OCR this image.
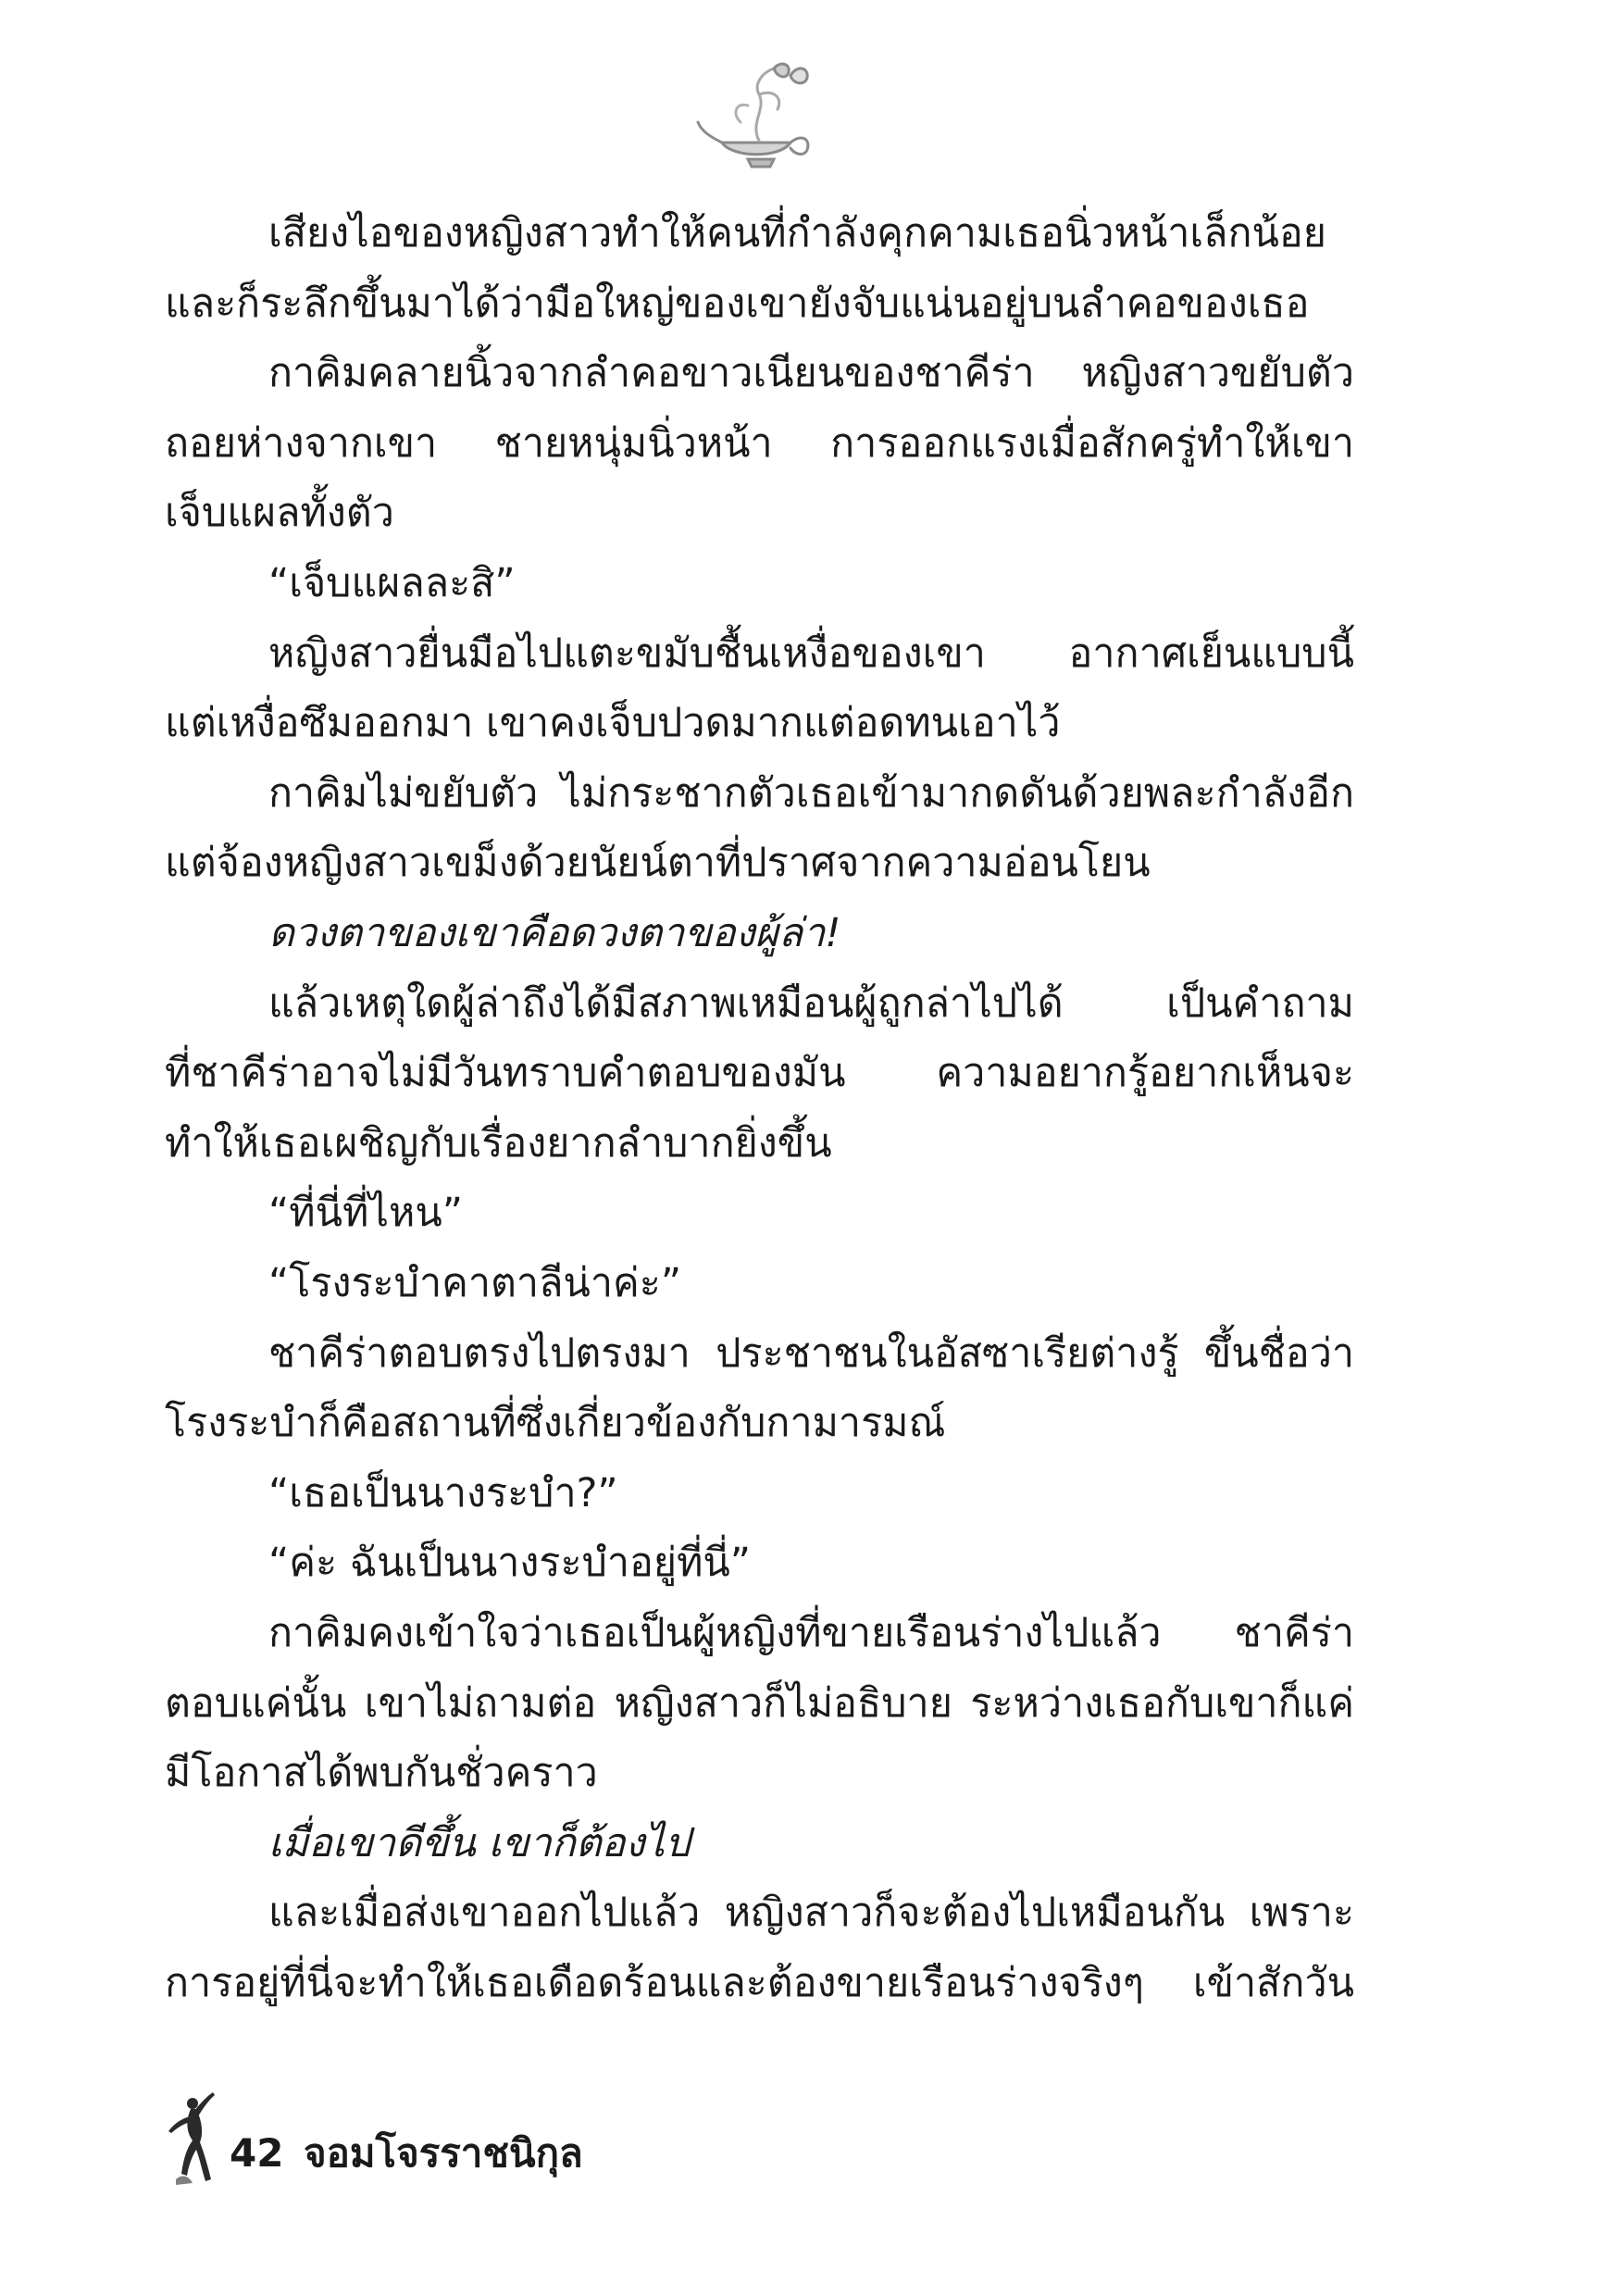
เสียงไอของหญิงสาวทำให้คนที่กำลังคุกคามเธอนิ่วหน้าเล็กน้อย
และก็ระลึกขึ้นมาได้ว่ามือใหญ่ของเขายังจับแน่นอยู่บนลำคอของเธอ
กาคิมคลายนิ้วจากลำคอขาวเนียนของชาคีร่า หญิงสาวขยับตัว
ถอยห่างจากเขา ชายหนุ่มนิ่วหน้า การออกแรงเมื่อสักครู่ทำให้เขา
เจ็บแผลทั้งตัว
“เจ็บแผลละสิ”
หญิงสาวยื่นมือไปแตะขมับชื้นเหงื่อของเขา อากาศเย็นแบบนี้
แต่เหงื่อซึมออกมา เขาคงเจ็บปวดมากแต่อดทนเอาไว้
กาคิมไม่ขยับตัว ไม่กระชากตัวเธอเข้ามากดดันด้วยพละกำลังอีก
แต่จ้องหญิงสาวเขม็งด้วยนัยน์ตาที่ปราศจากความอ่อนโยน
ดวงตาของเขาคือดวงตาของผู้ล่า!
แล้วเหตุใดผู้ล่าถึงได้มีสภาพเหมือนผู้ถูกล่าไปได้ เป็นคำถาม
ที่ชาคีร่าอาจไม่มีวันทราบคำตอบของมัน ความอยากรู้อยากเห็นจะ
ทำให้เธอเผชิญกับเรื่องยากลำบากยิ่งขึ้น
“ที่นี่ที่ไหน”
“โรงระบำคาตาลีน่าค่ะ”
ชาคีร่าตอบตรงไปตรงมา ประชาชนในอัสซาเรียต่างรู้ ขึ้นชื่อว่า
โรงระบำก็คือสถานที่ซึ่งเกี่ยวข้องกับกามารมณ์
“เธอเป็นนางระบำ?”
“ค่ะ ฉันเป็นนางระบำอยู่ที่นี่”
กาคิมคงเข้าใจว่าเธอเป็นผู้หญิงที่ขายเรือนร่างไปแล้ว ชาคีร่า
ตอบแค่นั้น เขาไม่ถามต่อ หญิงสาวก็ไม่อธิบาย ระหว่างเธอกับเขาก็แค่
มีโอกาสได้พบกันชั่วคราว
เมื่อเขาดีขึ้น เขาก็ต้องไป
และเมื่อส่งเขาออกไปแล้ว หญิงสาวก็จะต้องไปเหมือนกัน เพราะ
การอยู่ที่นี่จะทำให้เธอเดือดร้อนและต้องขายเรือนร่างจริงๆ เข้าสักวัน
42 จอมโจรราชนิกุล
